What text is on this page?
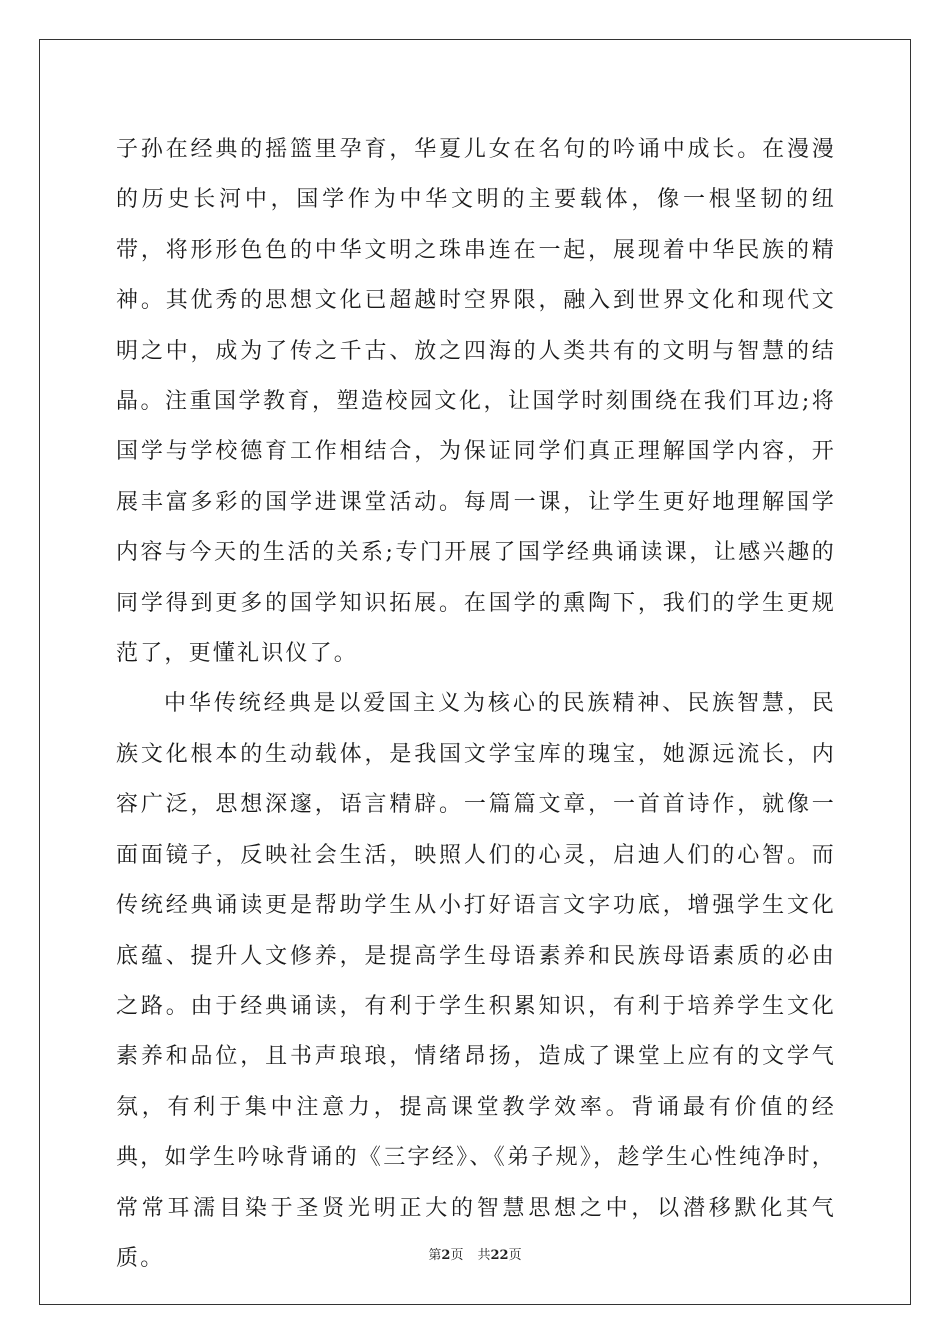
子孙在经典的摇篮里孕育，华夏儿女在名句的吟诵中成长。在漫漫的历史长河中，国学作为中华文明的主要载体，像一根坚韧的纽带，将形形色色的中华文明之珠串连在一起，展现着中华民族的精神。其优秀的思想文化已超越时空界限，融入到世界文化和现代文明之中，成为了传之千古、放之四海的人类共有的文明与智慧的结晶。注重国学教育，塑造校园文化，让国学时刻围绕在我们耳边;将国学与学校德育工作相结合，为保证同学们真正理解国学内容，开展丰富多彩的国学进课堂活动。每周一课，让学生更好地理解国学内容与今天的生活的关系;专门开展了国学经典诵读课，让感兴趣的同学得到更多的国学知识拓展。在国学的熏陶下，我们的学生更规范了，更懂礼识仪了。

中华传统经典是以爱国主义为核心的民族精神、民族智慧，民族文化根本的生动载体，是我国文学宝库的瑰宝，她源远流长，内容广泛，思想深邃，语言精辟。一篇篇文章，一首首诗作，就像一面面镜子，反映社会生活，映照人们的心灵，启迪人们的心智。而传统经典诵读更是帮助学生从小打好语言文字功底，增强学生文化底蕴、提升人文修养，是提高学生母语素养和民族母语素质的必由之路。由于经典诵读，有利于学生积累知识，有利于培养学生文化素养和品位，且书声琅琅，情绪昂扬，造成了课堂上应有的文学气氛，有利于集中注意力，提高课堂教学效率。背诵最有价值的经典，如学生吟咏背诵的《三字经》、《弟子规》，趁学生心性纯净时，常常耳濡目染于圣贤光明正大的智慧思想之中，以潜移默化其气质。	第2页 共22页
